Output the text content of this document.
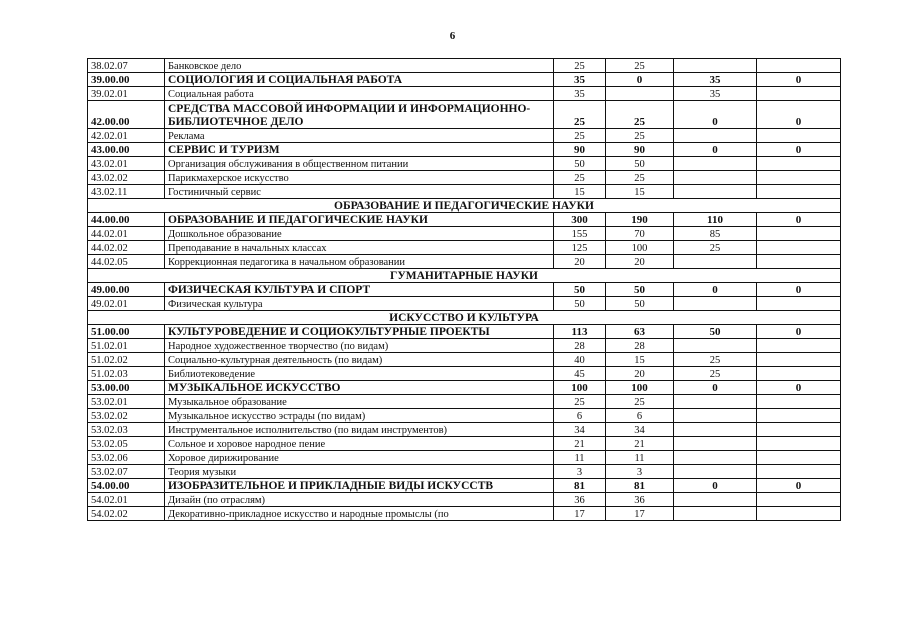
6
38.02.07	Банковское дело	25	25		
39.00.00	СОЦИОЛОГИЯ И СОЦИАЛЬНАЯ РАБОТА	35	0	35	0
39.02.01	Социальная работа	35		35	
42.00.00	СРЕДСТВА МАССОВОЙ ИНФОРМАЦИИ И ИНФОРМАЦИОННО-БИБЛИОТЕЧНОЕ ДЕЛО	25	25	0	0
42.02.01	Реклама	25	25		
43.00.00	СЕРВИС И ТУРИЗМ	90	90	0	0
43.02.01	Организация обслуживания в общественном питании	50	50		
43.02.02	Парикмахерское искусство	25	25		
43.02.11	Гостиничный сервис	15	15		
ОБРАЗОВАНИЕ И ПЕДАГОГИЧЕСКИЕ НАУКИ					
44.00.00	ОБРАЗОВАНИЕ И ПЕДАГОГИЧЕСКИЕ НАУКИ	300	190	110	0
44.02.01	Дошкольное образование	155	70	85	
44.02.02	Преподавание в начальных классах	125	100	25	
44.02.05	Коррекционная педагогика в начальном образовании	20	20		
ГУМАНИТАРНЫЕ НАУКИ					
49.00.00	ФИЗИЧЕСКАЯ КУЛЬТУРА И СПОРТ	50	50	0	0
49.02.01	Физическая культура	50	50		
ИСКУССТВО И КУЛЬТУРА					
51.00.00	КУЛЬТУРОВЕДЕНИЕ И СОЦИОКУЛЬТУРНЫЕ ПРОЕКТЫ	113	63	50	0
51.02.01	Народное художественное творчество (по видам)	28	28		
51.02.02	Социально-культурная деятельность (по видам)	40	15	25	
51.02.03	Библиотековедение	45	20	25	
53.00.00	МУЗЫКАЛЬНОЕ ИСКУССТВО	100	100	0	0
53.02.01	Музыкальное образование	25	25		
53.02.02	Музыкальное искусство эстрады (по видам)	6	6		
53.02.03	Инструментальное исполнительство (по видам инструментов)	34	34		
53.02.05	Сольное и хоровое народное пение	21	21		
53.02.06	Хоровое дирижирование	11	11		
53.02.07	Теория музыки	3	3		
54.00.00	ИЗОБРАЗИТЕЛЬНОЕ И ПРИКЛАДНЫЕ ВИДЫ ИСКУССТВ	81	81	0	0
54.02.01	Дизайн (по отраслям)	36	36		
54.02.02	Декоративно-прикладное искусство и народные промыслы (по	17	17		
